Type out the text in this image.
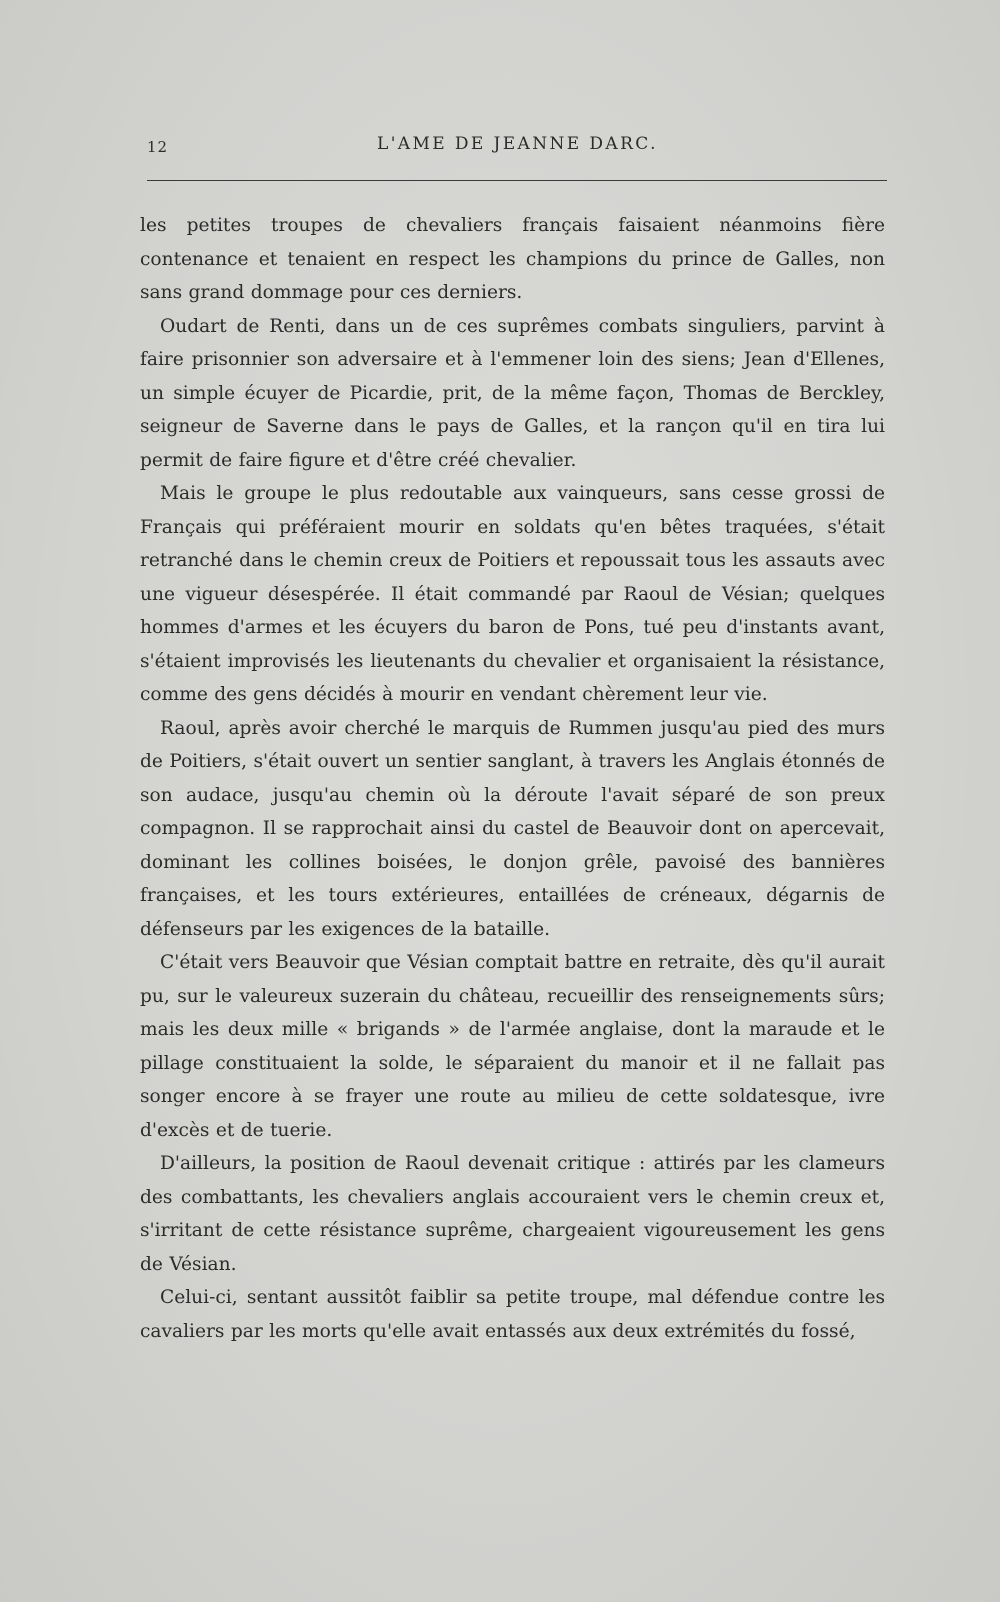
12	L'AME DE JEANNE DARC.

les petites troupes de chevaliers français faisaient néanmoins fière contenance et tenaient en respect les champions du prince de Galles, non sans grand dommage pour ces derniers.

Oudart de Renti, dans un de ces suprêmes combats singuliers, parvint à faire prisonnier son adversaire et à l'emmener loin des siens; Jean d'Ellenes, un simple écuyer de Picardie, prit, de la même façon, Thomas de Berckley, seigneur de Saverne dans le pays de Galles, et la rançon qu'il en tira lui permit de faire figure et d'être créé chevalier.

Mais le groupe le plus redoutable aux vainqueurs, sans cesse grossi de Français qui préféraient mourir en soldats qu'en bêtes traquées, s'était retranché dans le chemin creux de Poitiers et repoussait tous les assauts avec une vigueur désespérée. Il était commandé par Raoul de Vésian; quelques hommes d'armes et les écuyers du baron de Pons, tué peu d'instants avant, s'étaient improvisés les lieutenants du chevalier et organisaient la résistance, comme des gens décidés à mourir en vendant chèrement leur vie.

Raoul, après avoir cherché le marquis de Rummen jusqu'au pied des murs de Poitiers, s'était ouvert un sentier sanglant, à travers les Anglais étonnés de son audace, jusqu'au chemin où la déroute l'avait séparé de son preux compagnon. Il se rapprochait ainsi du castel de Beauvoir dont on apercevait, dominant les collines boisées, le donjon grêle, pavoisé des bannières françaises, et les tours extérieures, entaillées de créneaux, dégarnis de défenseurs par les exigences de la bataille.

C'était vers Beauvoir que Vésian comptait battre en retraite, dès qu'il aurait pu, sur le valeureux suzerain du château, recueillir des renseignements sûrs; mais les deux mille « brigands » de l'armée anglaise, dont la maraude et le pillage constituaient la solde, le séparaient du manoir et il ne fallait pas songer encore à se frayer une route au milieu de cette soldatesque, ivre d'excès et de tuerie.

D'ailleurs, la position de Raoul devenait critique : attirés par les clameurs des combattants, les chevaliers anglais accouraient vers le chemin creux et, s'irritant de cette résistance suprême, chargeaient vigoureusement les gens de Vésian.

Celui-ci, sentant aussitôt faiblir sa petite troupe, mal défendue contre les cavaliers par les morts qu'elle avait entassés aux deux extrémités du fossé,
